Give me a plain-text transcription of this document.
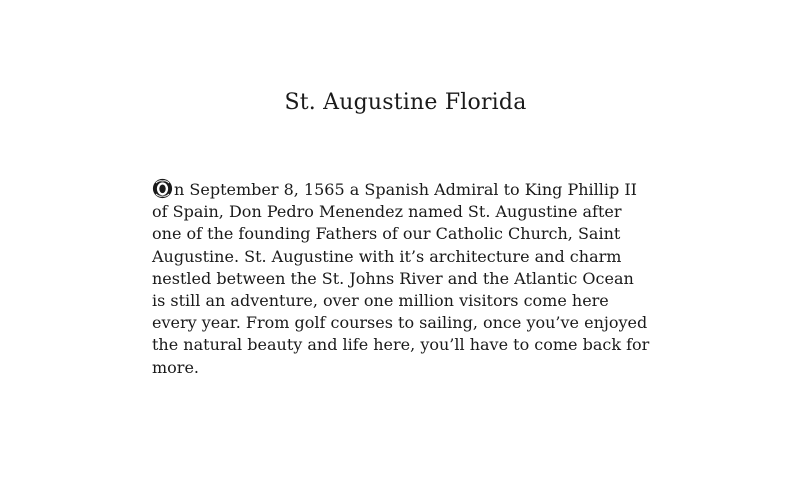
St. Augustine Florida
n September 8, 1565 a Spanish Admiral to King Phillip II
of Spain, Don Pedro Menendez named St. Augustine after
one of the founding Fathers of our Catholic Church, Saint
Augustine. St. Augustine with it’s architecture and charm
nestled between the St. Johns River and the Atlantic Ocean
is still an adventure, over one million visitors come here
every year. From golf courses to sailing, once you’ve enjoyed
the natural beauty and life here, you’ll have to come back for
more.
